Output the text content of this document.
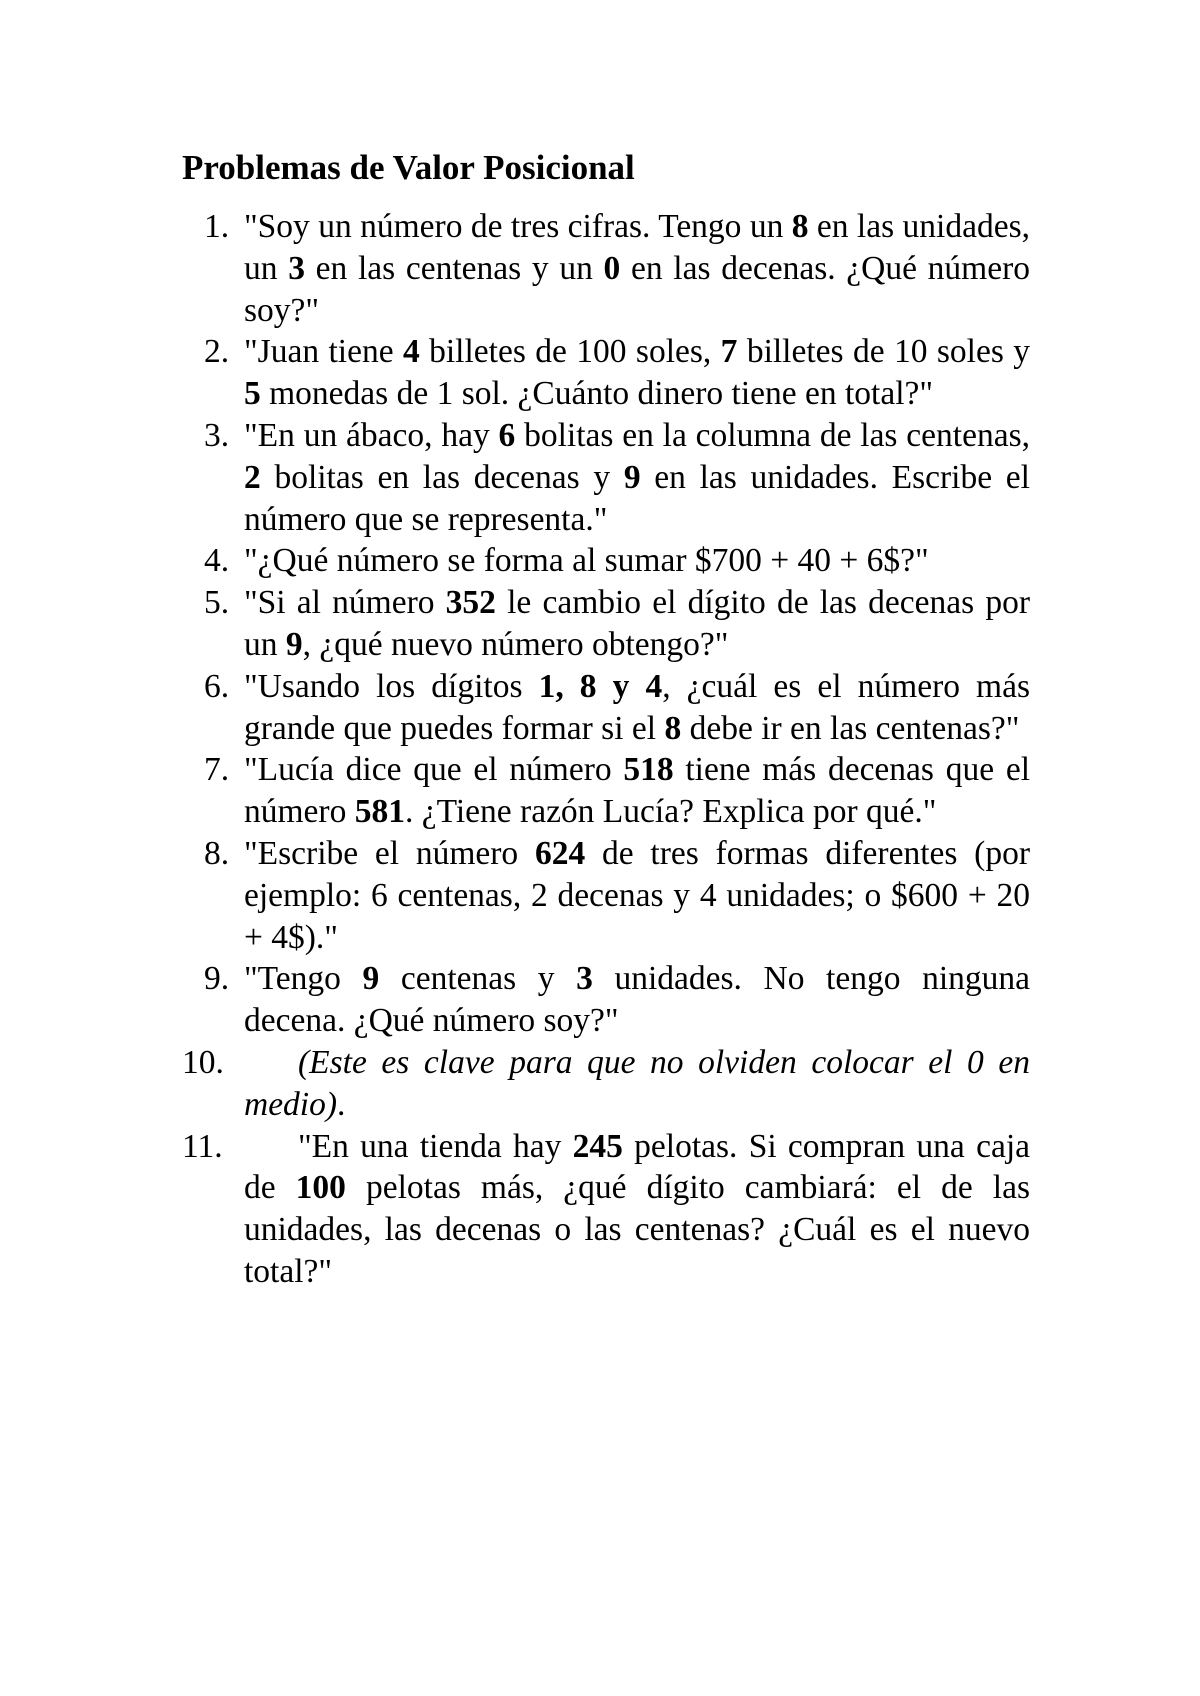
Problemas de Valor Posicional
1. "Soy un número de tres cifras. Tengo un 8 en las unidades, un 3 en las centenas y un 0 en las decenas. ¿Qué número soy?"
2. "Juan tiene 4 billetes de 100 soles, 7 billetes de 10 soles y 5 monedas de 1 sol. ¿Cuánto dinero tiene en total?"
3. "En un ábaco, hay 6 bolitas en la columna de las centenas, 2 bolitas en las decenas y 9 en las unidades. Escribe el número que se representa."
4. "¿Qué número se forma al sumar $700 + 40 + 6$?"
5. "Si al número 352 le cambio el dígito de las decenas por un 9, ¿qué nuevo número obtengo?"
6. "Usando los dígitos 1, 8 y 4, ¿cuál es el número más grande que puedes formar si el 8 debe ir en las centenas?"
7. "Lucía dice que el número 518 tiene más decenas que el número 581. ¿Tiene razón Lucía? Explica por qué."
8. "Escribe el número 624 de tres formas diferentes (por ejemplo: 6 centenas, 2 decenas y 4 unidades; o $600 + 20 + 4$)."
9. "Tengo 9 centenas y 3 unidades. No tengo ninguna decena. ¿Qué número soy?"
10. (Este es clave para que no olviden colocar el 0 en medio).
11. "En una tienda hay 245 pelotas. Si compran una caja de 100 pelotas más, ¿qué dígito cambiará: el de las unidades, las decenas o las centenas? ¿Cuál es el nuevo total?"
